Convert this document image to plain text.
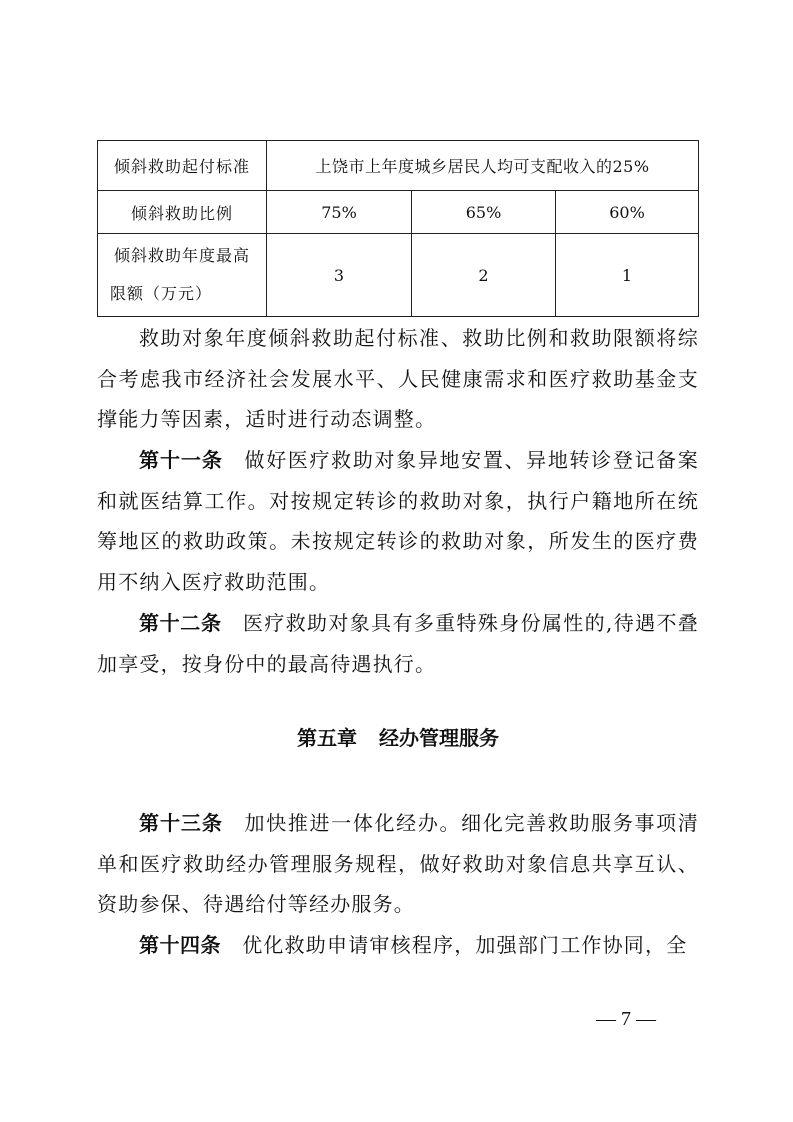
倾斜救助起付标准	上饶市上年度城乡居民人均可支配收入的25%		
倾斜救助比例	75%	65%	60%

倾斜救助年度最高
限额（万元）	3	2	1

救助对象年度倾斜救助起付标准、救助比例和救助限额将综合考虑我市经济社会发展水平、人民健康需求和医疗救助基金支撑能力等因素，适时进行动态调整。

第十一条　 做好医疗救助对象异地安置、异地转诊登记备案和就医结算工作。对按规定转诊的救助对象，执行户籍地所在统筹地区的救助政策。未按规定转诊的救助对象，所发生的医疗费用不纳入医疗救助范围。

第十二条　 医疗救助对象具有多重特殊身份属性的,待遇不叠加享受，按身份中的最高待遇执行。

第五章 经办管理服务

第十三条　 加快推进一体化经办。细化完善救助服务事项清单和医疗救助经办管理服务规程，做好救助对象信息共享互认、资助参保、待遇给付等经办服务。

第十四条　 优化救助申请审核程序，加强部门工作协同，全

— 7 —
